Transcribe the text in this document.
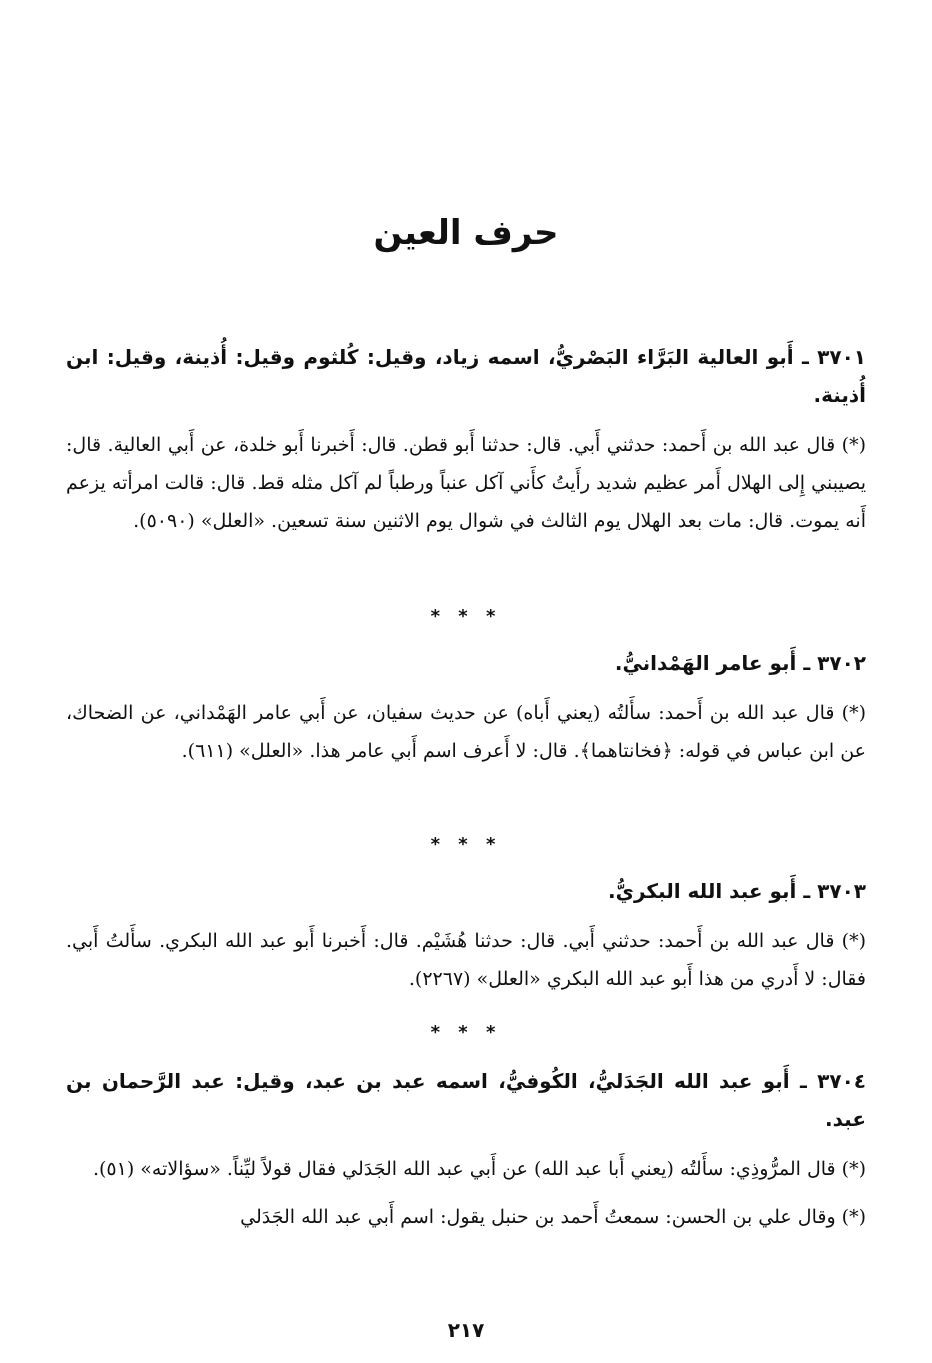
حرف العين
٣٧٠١ ـ أَبو العالية البَرَّاء البَصْريُّ، اسمه زياد، وقيل: كُلثوم وقيل: أُذينة، وقيل: ابن أُذينة.
(*) قال عبد الله بن أَحمد: حدثني أَبي. قال: حدثنا أَبو قطن. قال: أَخبرنا أَبو خلدة، عن أَبي العالية. قال: يصيبني إِلى الهلال أَمر عظيم شديد رأَيتُ كأَني آكل عنباً ورطباً لم آكل مثله قط. قال: قالت امرأته يزعم أَنه يموت. قال: مات بعد الهلال يوم الثالث في شوال يوم الاثنين سنة تسعين. «العلل» (٥٠٩٠).
* * *
٣٧٠٢ ـ أَبو عامر الهَمْدانيُّ.
(*) قال عبد الله بن أَحمد: سأَلتُه (يعني أَباه) عن حديث سفيان، عن أَبي عامر الهَمْداني، عن الضحاك، عن ابن عباس في قوله: ﴿فخانتاهما﴾. قال: لا أَعرف اسم أَبي عامر هذا. «العلل» (٦١١).
* * *
٣٧٠٣ ـ أَبو عبد الله البكريُّ.
(*) قال عبد الله بن أَحمد: حدثني أَبي. قال: حدثنا هُشَيْم. قال: أَخبرنا أَبو عبد الله البكري. سأَلتُ أَبي. فقال: لا أَدري من هذا أَبو عبد الله البكري «العلل» (٢٢٦٧).
* * *
٣٧٠٤ ـ أَبو عبد الله الجَدَليُّ، الكُوفيُّ، اسمه عبد بن عبد، وقيل: عبد الرَّحمان بن عبد.
(*) قال المرُّوذِي: سأَلتُه (يعني أَبا عبد الله) عن أَبي عبد الله الجَدَلي فقال قولاً ليِّناً. «سؤالاته» (٥١).
(*) وقال علي بن الحسن: سمعتُ أَحمد بن حنبل يقول: اسم أَبي عبد الله الجَدَلي
٢١٧
